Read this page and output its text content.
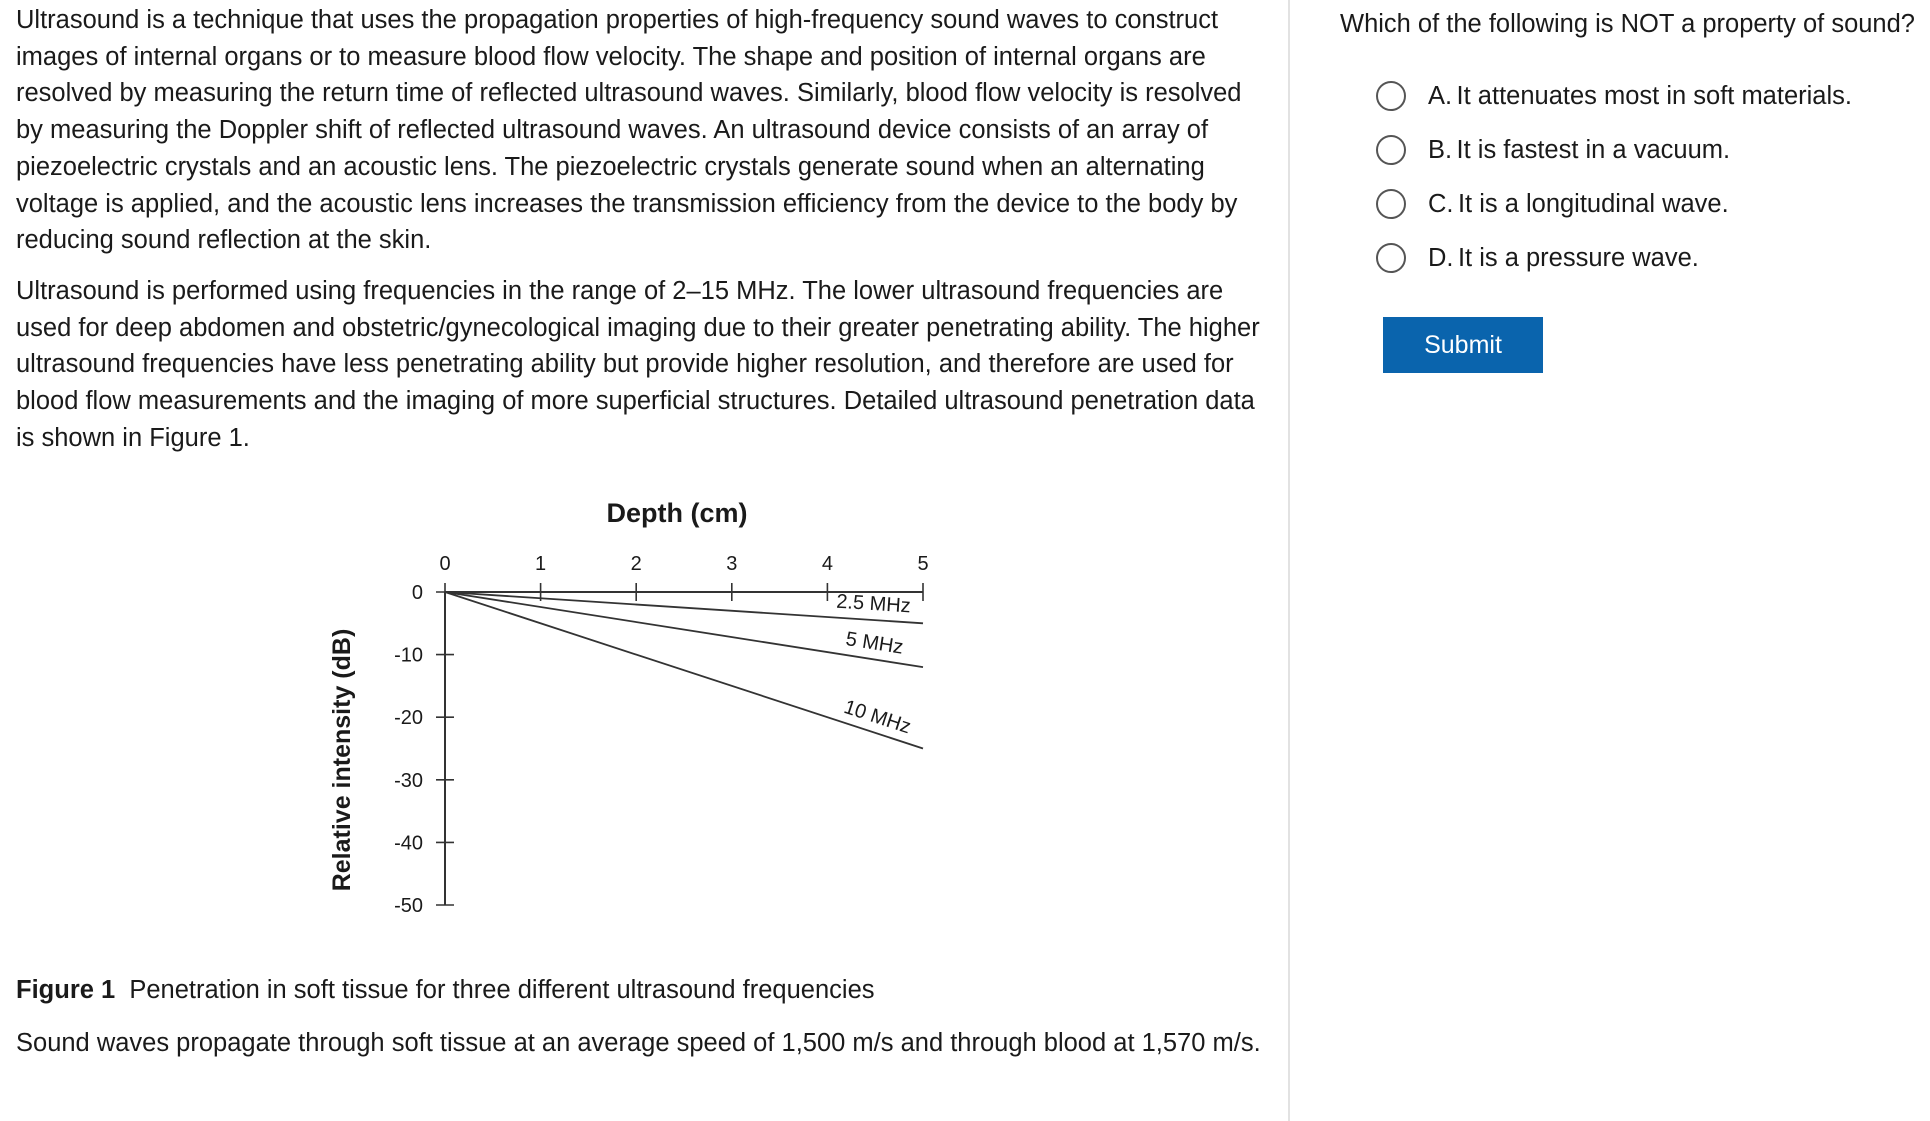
Ultrasound is a technique that uses the propagation properties of high-frequency sound waves to construct images of internal organs or to measure blood flow velocity. The shape and position of internal organs are resolved by measuring the return time of reflected ultrasound waves. Similarly, blood flow velocity is resolved by measuring the Doppler shift of reflected ultrasound waves. An ultrasound device consists of an array of piezoelectric crystals and an acoustic lens. The piezoelectric crystals generate sound when an alternating voltage is applied, and the acoustic lens increases the transmission efficiency from the device to the body by reducing sound reflection at the skin.

Ultrasound is performed using frequencies in the range of 2–15 MHz. The lower ultrasound frequencies are used for deep abdomen and obstetric/gynecological imaging due to their greater penetrating ability. The higher ultrasound frequencies have less penetrating ability but provide higher resolution, and therefore are used for blood flow measurements and the imaging of more superficial structures. Detailed ultrasound penetration data is shown in Figure 1.

Depth (cm)
Relative intensity (dB)
0	1	2	3	4	5
0
-10
-20
-30
-40
-50
2.5 MHz
5 MHz
10 MHz

Figure 1 Penetration in soft tissue for three different ultrasound frequencies

Sound waves propagate through soft tissue at an average speed of 1,500 m/s and through blood at 1,570 m/s.

Which of the following is NOT a property of sound?

A.
It attenuates most in soft materials.
B.
It is fastest in a vacuum.
C.
It is a longitudinal wave.
D.
It is a pressure wave.
Submit
